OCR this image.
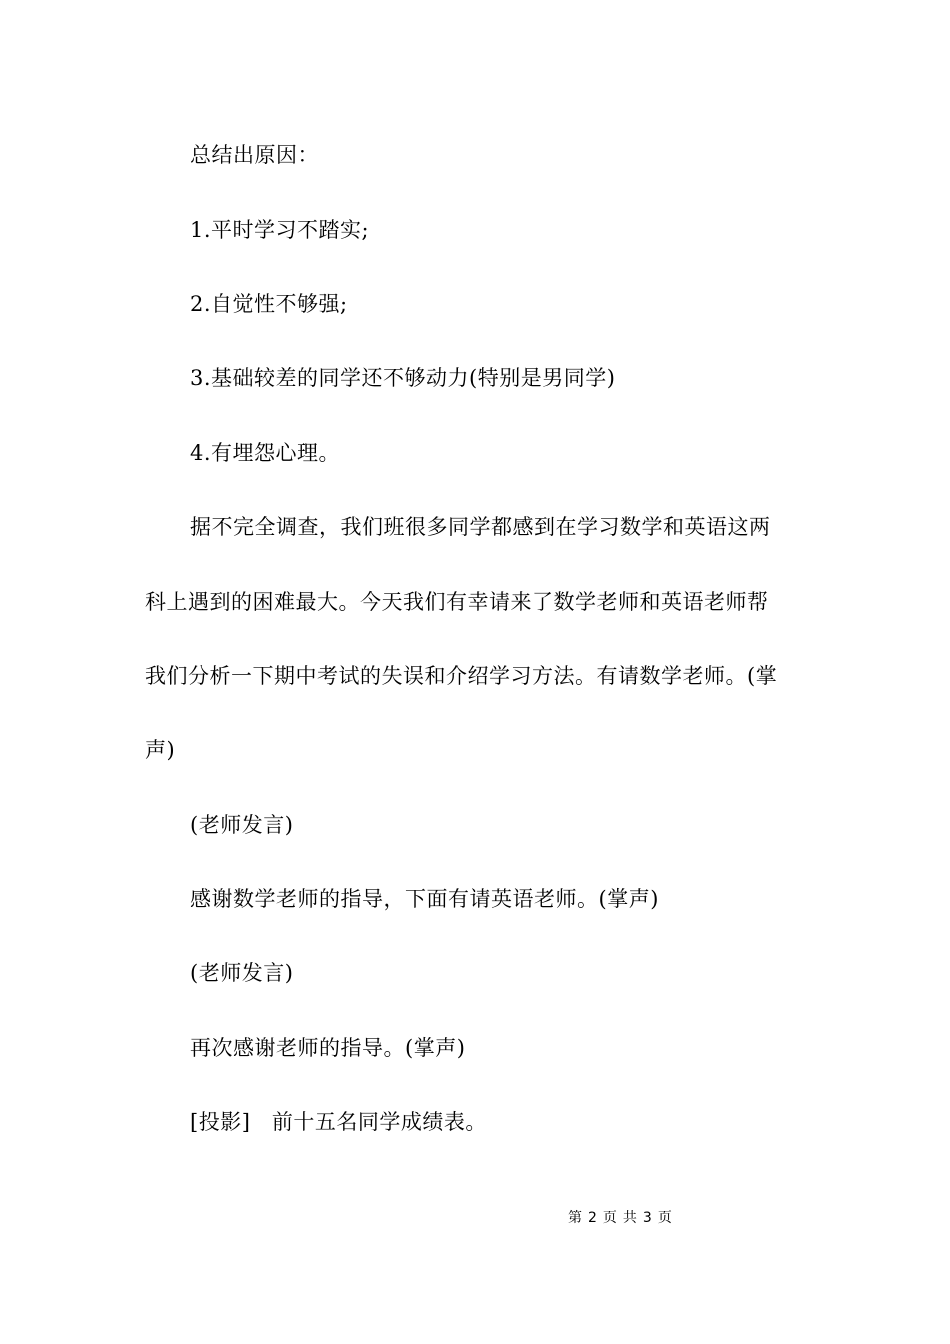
总结出原因：
1.平时学习不踏实;
2.自觉性不够强;
3.基础较差的同学还不够动力(特别是男同学)
4.有埋怨心理。
据不完全调查，我们班很多同学都感到在学习数学和英语这两
科上遇到的困难最大。今天我们有幸请来了数学老师和英语老师帮
我们分析一下期中考试的失误和介绍学习方法。有请数学老师。(掌
声)
(老师发言)
感谢数学老师的指导，下面有请英语老师。(掌声)
(老师发言)
再次感谢老师的指导。(掌声)
[投影]　前十五名同学成绩表。
第 2 页 共 3 页
